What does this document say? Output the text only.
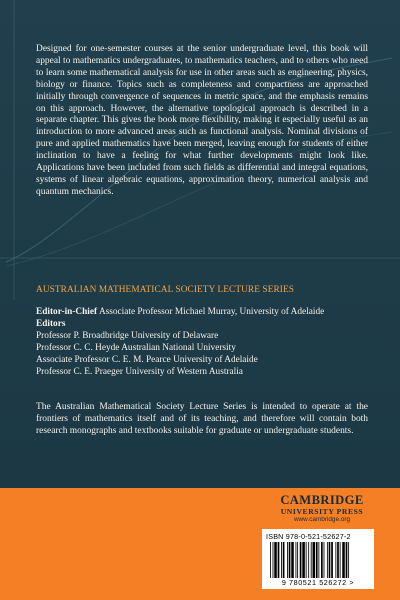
Designed for one-semester courses at the senior undergraduate level, this book will appeal to mathematics undergraduates, to mathematics teachers, and to others who need to learn some mathematical analysis for use in other areas such as engineering, physics, biology or finance. Topics such as completeness and compactness are approached initially through convergence of sequences in metric space, and the emphasis remains on this approach. However, the alternative topological approach is described in a separate chapter. This gives the book more flexibility, making it especially useful as an introduction to more advanced areas such as functional analysis. Nominal divisions of pure and applied mathematics have been merged, leaving enough for students of either inclination to have a feeling for what further developments might look like. Applications have been included from such fields as differential and integral equations, systems of linear algebraic equations, approximation theory, numerical analysis and quantum mechanics.

AUSTRALIAN MATHEMATICAL SOCIETY LECTURE SERIES

Editor-in-Chief Associate Professor Michael Murray, University of Adelaide

Editors

Professor P. Broadbridge University of Delaware
Professor C. C. Heyde Australian National University
Associate Professor C. E. M. Pearce University of Adelaide
Professor C. E. Praeger University of Western Australia

The Australian Mathematical Society Lecture Series is intended to operate at the frontiers of mathematics itself and of its teaching, and therefore will contain both research monographs and textbooks suitable for graduate or undergraduate students.

CAMBRIDGE
UNIVERSITY PRESS
www.cambridge.org

ISBN 978-0-521-52627-2

9 780521 526272 >
